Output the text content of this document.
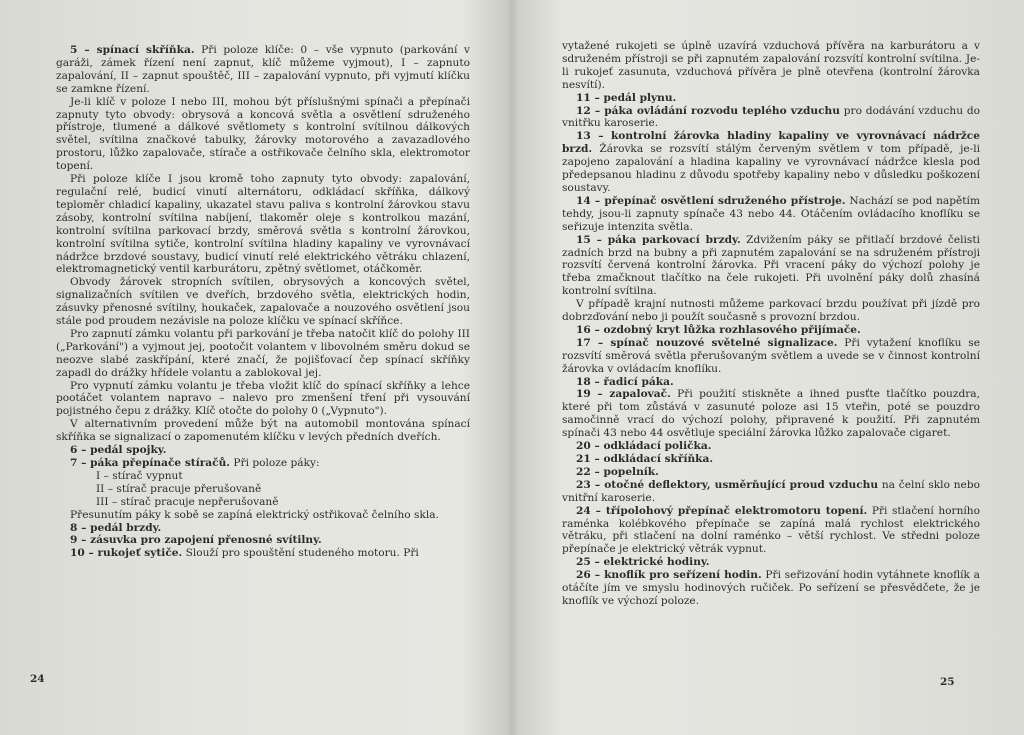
5 – spínací skříňka. Při poloze klíče: 0 – vše vypnuto (parkování v garáži, zámek řízení není zapnut, klíč můžeme vyjmout), I – zapnuto zapalování, II – zapnut spouštěč, III – zapalování vypnuto, při vyjmutí klíčku se zamkne řízení.

Je-li klíč v poloze I nebo III, mohou být příslušnými spínači a přepínači zapnuty tyto obvody: obrysová a koncová světla a osvětlení sdruženého přístroje, tlumené a dálkové světlomety s kontrolní svítilnou dálkových světel, svítilna značkové tabulky, žárovky motorového a zavazadlového prostoru, lůžko zapalovače, stírače a ostřikovače čelního skla, elektromotor topení.

Při poloze klíče I jsou kromě toho zapnuty tyto obvody: zapalování, regulační relé, budicí vinutí alternátoru, odkládací skříňka, dálkový teploměr chladicí kapaliny, ukazatel stavu paliva s kontrolní žárovkou stavu zásoby, kontrolní svítilna nabíjení, tlakoměr oleje s kontrolkou mazání, kontrolní svítilna parkovací brzdy, směrová světla s kontrolní žárovkou, kontrolní svítilna sytiče, kontrolní svítilna hladiny kapaliny ve vyrovnávací nádržce brzdové soustavy, budicí vinutí relé elektrického větráku chlazení, elektromagnetický ventil karburátoru, zpětný světlomet, otáčkoměr.

Obvody žárovek stropních svítilen, obrysových a koncových světel, signalizačních svítilen ve dveřích, brzdového světla, elektrických hodin, zásuvky přenosné svítilny, houkaček, zapalovače a nouzového osvětlení jsou stále pod proudem nezávisle na poloze klíčku ve spínací skříňce.

Pro zapnutí zámku volantu při parkování je třeba natočit klíč do polohy III („Parkování") a vyjmout jej, pootočit volantem v libovolném směru dokud se neozve slabé zaskřípání, které značí, že pojišťovací čep spínací skříňky zapadl do drážky hřídele volantu a zablokoval jej.

Pro vypnutí zámku volantu je třeba vložit klíč do spínací skříňky a lehce pootáčet volantem napravo – nalevo pro zmenšení tření při vysouvání pojistného čepu z drážky. Klíč otočte do polohy 0 („Vypnuto").

V alternativním provedení může být na automobil montována spínací skříňka se signalizací o zapomenutém klíčku v levých předních dveřích.

6 – pedál spojky.

7 – páka přepínače stíračů. Při poloze páky:

I – stírač vypnut

II – stírač pracuje přerušovaně

III – stírač pracuje nepřerušovaně

Přesunutím páky k sobě se zapíná elektrický ostřikovač čelního skla.

8 – pedál brzdy.

9 – zásuvka pro zapojení přenosné svítilny.

10 – rukojeť sytiče. Slouží pro spouštění studeného motoru. Při

vytažené rukojeti se úplně uzavírá vzduchová přívěra na karburátoru a v sdruženém přístroji se při zapnutém zapalování rozsvítí kontrolní svítilna. Je-li rukojeť zasunuta, vzduchová přívěra je plně otevřena (kontrolní žárovka nesvítí).

11 – pedál plynu.

12 – páka ovládání rozvodu teplého vzduchu pro dodávání vzduchu do vnitřku karoserie.

13 – kontrolní žárovka hladiny kapaliny ve vyrovnávací nádržce brzd. Žárovka se rozsvítí stálým červeným světlem v tom případě, je-li zapojeno zapalování a hladina kapaliny ve vyrovnávací nádržce klesla pod předepsanou hladinu z důvodu spotřeby kapaliny nebo v důsledku poškození soustavy.

14 – přepínač osvětlení sdruženého přístroje. Nachází se pod napětím tehdy, jsou-li zapnuty spínače 43 nebo 44. Otáčením ovládacího knoflíku se seřizuje intenzita světla.

15 – páka parkovací brzdy. Zdvižením páky se přitlačí brzdové čelisti zadních brzd na bubny a při zapnutém zapalování se na sdruženém přístroji rozsvítí červená kontrolní žárovka. Při vracení páky do výchozí polohy je třeba zmačknout tlačítko na čele rukojeti. Při uvolnění páky dolů zhasíná kontrolní svítilna.

V případě krajní nutnosti můžeme parkovací brzdu používat při jízdě pro dobrzďování nebo ji použít současně s provozní brzdou.

16 – ozdobný kryt lůžka rozhlasového přijímače.

17 – spínač nouzové světelné signalizace. Při vytažení knoflíku se rozsvítí směrová světla přerušovaným světlem a uvede se v činnost kontrolní žárovka v ovládacím knoflíku.

18 – řadicí páka.

19 – zapalovač. Při použití stiskněte a ihned pusťte tlačítko pouzdra, které při tom zůstává v zasunuté poloze asi 15 vteřin, poté se pouzdro samočinně vrací do výchozí polohy, připravené k použití. Při zapnutém spínači 43 nebo 44 osvětluje speciální žárovka lůžko zapalovače cigaret.

20 – odkládací polička.

21 – odkládací skříňka.

22 – popelník.

23 – otočné deflektory, usměrňující proud vzduchu na čelní sklo nebo vnitřní karoserie.

24 – třípolohový přepínač elektromotoru topení. Při stlačení horního raménka kolébkového přepínače se zapíná malá rychlost elektrického větráku, při stlačení na dolní raménko – větší rychlost. Ve středni poloze přepínače je elektrický větrák vypnut.

25 – elektrické hodiny.

26 – knoflík pro seřízení hodin. Při seřizování hodin vytáhnete knoflík a otáčíte jím ve smyslu hodinových ručiček. Po seřízení se přesvědčete, že je knoflík ve výchozí poloze.

24	25
